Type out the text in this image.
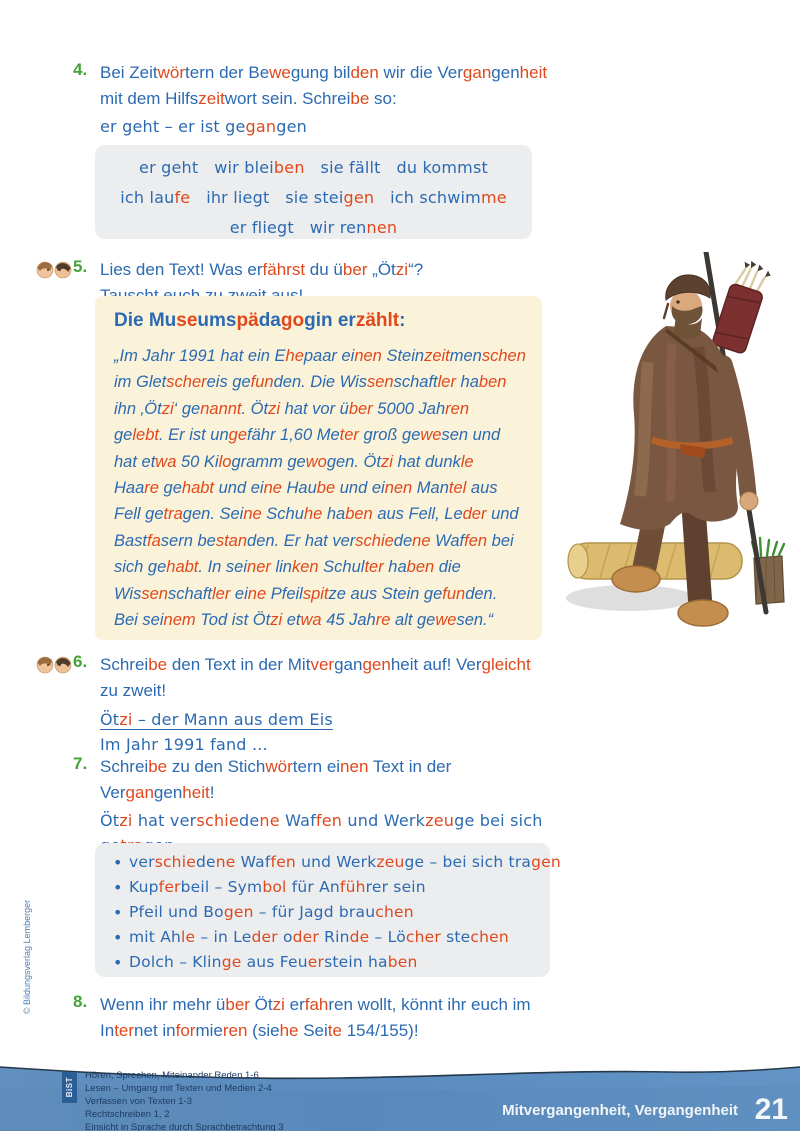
4. Bei Zeitwörtern der Bewegung bilden wir die Vergangenheit
mit dem Hilfszeitwort sein. Schreibe so:
er geht – er ist gegangen
er geht   wir bleiben   sie fällt   du kommst
ich laufe   ihr liegt   sie steigen   ich schwimme
er fliegt   wir rennen
5. Lies den Text! Was erfährst du über „Ötzi“?
Die Museumspädagogin erzählt:
„Im Jahr 1991 hat ein Ehepaar einen Steinzeitmenschen
im Gletschereis gefunden. Die Wissenschaftler haben
ihn ‚Ötzi‘ genannt. Ötzi hat vor über 5000 Jahren
gelebt. Er ist ungefähr 1,60 Meter groß gewesen und
hat etwa 50 Kilogramm gewogen. Ötzi hat dunkle
Haare gehabt und eine Haube und einen Mantel aus
Fell getragen. Seine Schuhe haben aus Fell, Leder und
Bastfasern bestanden. Er hat verschiedene Waffen bei
sich gehabt. In seiner linken Schulter haben die
Wissenschaftler eine Pfeilspitze aus Stein gefunden.
Bei seinem Tod ist Ötzi etwa 45 Jahre alt gewesen.“
6. Schreibe den Text in der Mitvergangenheit auf! Vergleicht
zu zweit!
Ötzi – der Mann aus dem Eis
Im Jahr 1991 fand ...
7. Schreibe zu den Stichwörtern einen Text in der
Vergangenheit!
Ötzi hat verschiedene Waffen und Werkzeuge bei sich
• verschiedene Waffen und Werkzeuge – bei sich tragen
• Kupferbeil – Symbol für Anführer sein
• Pfeil und Bogen – für Jagd brauchen
• mit Ahle – in Leder oder Rinde – Löcher stechen
• Dolch – Klinge aus Feuerstein haben
8. Wenn ihr mehr über Ötzi erfahren wollt, könnt ihr euch im
Internet informieren (siehe Seite 154/155)!
© Bildungsverlag Lemberger
BiST
Hören, Sprechen, Miteinander Reden 1-6
Lesen – Umgang mit Texten und Medien 2-4
Verfassen von Texten 1-3
Rechtschreiben 1, 2
Einsicht in Sprache durch Sprachbetrachtung 3
Mitvergangenheit, Vergangenheit 21
